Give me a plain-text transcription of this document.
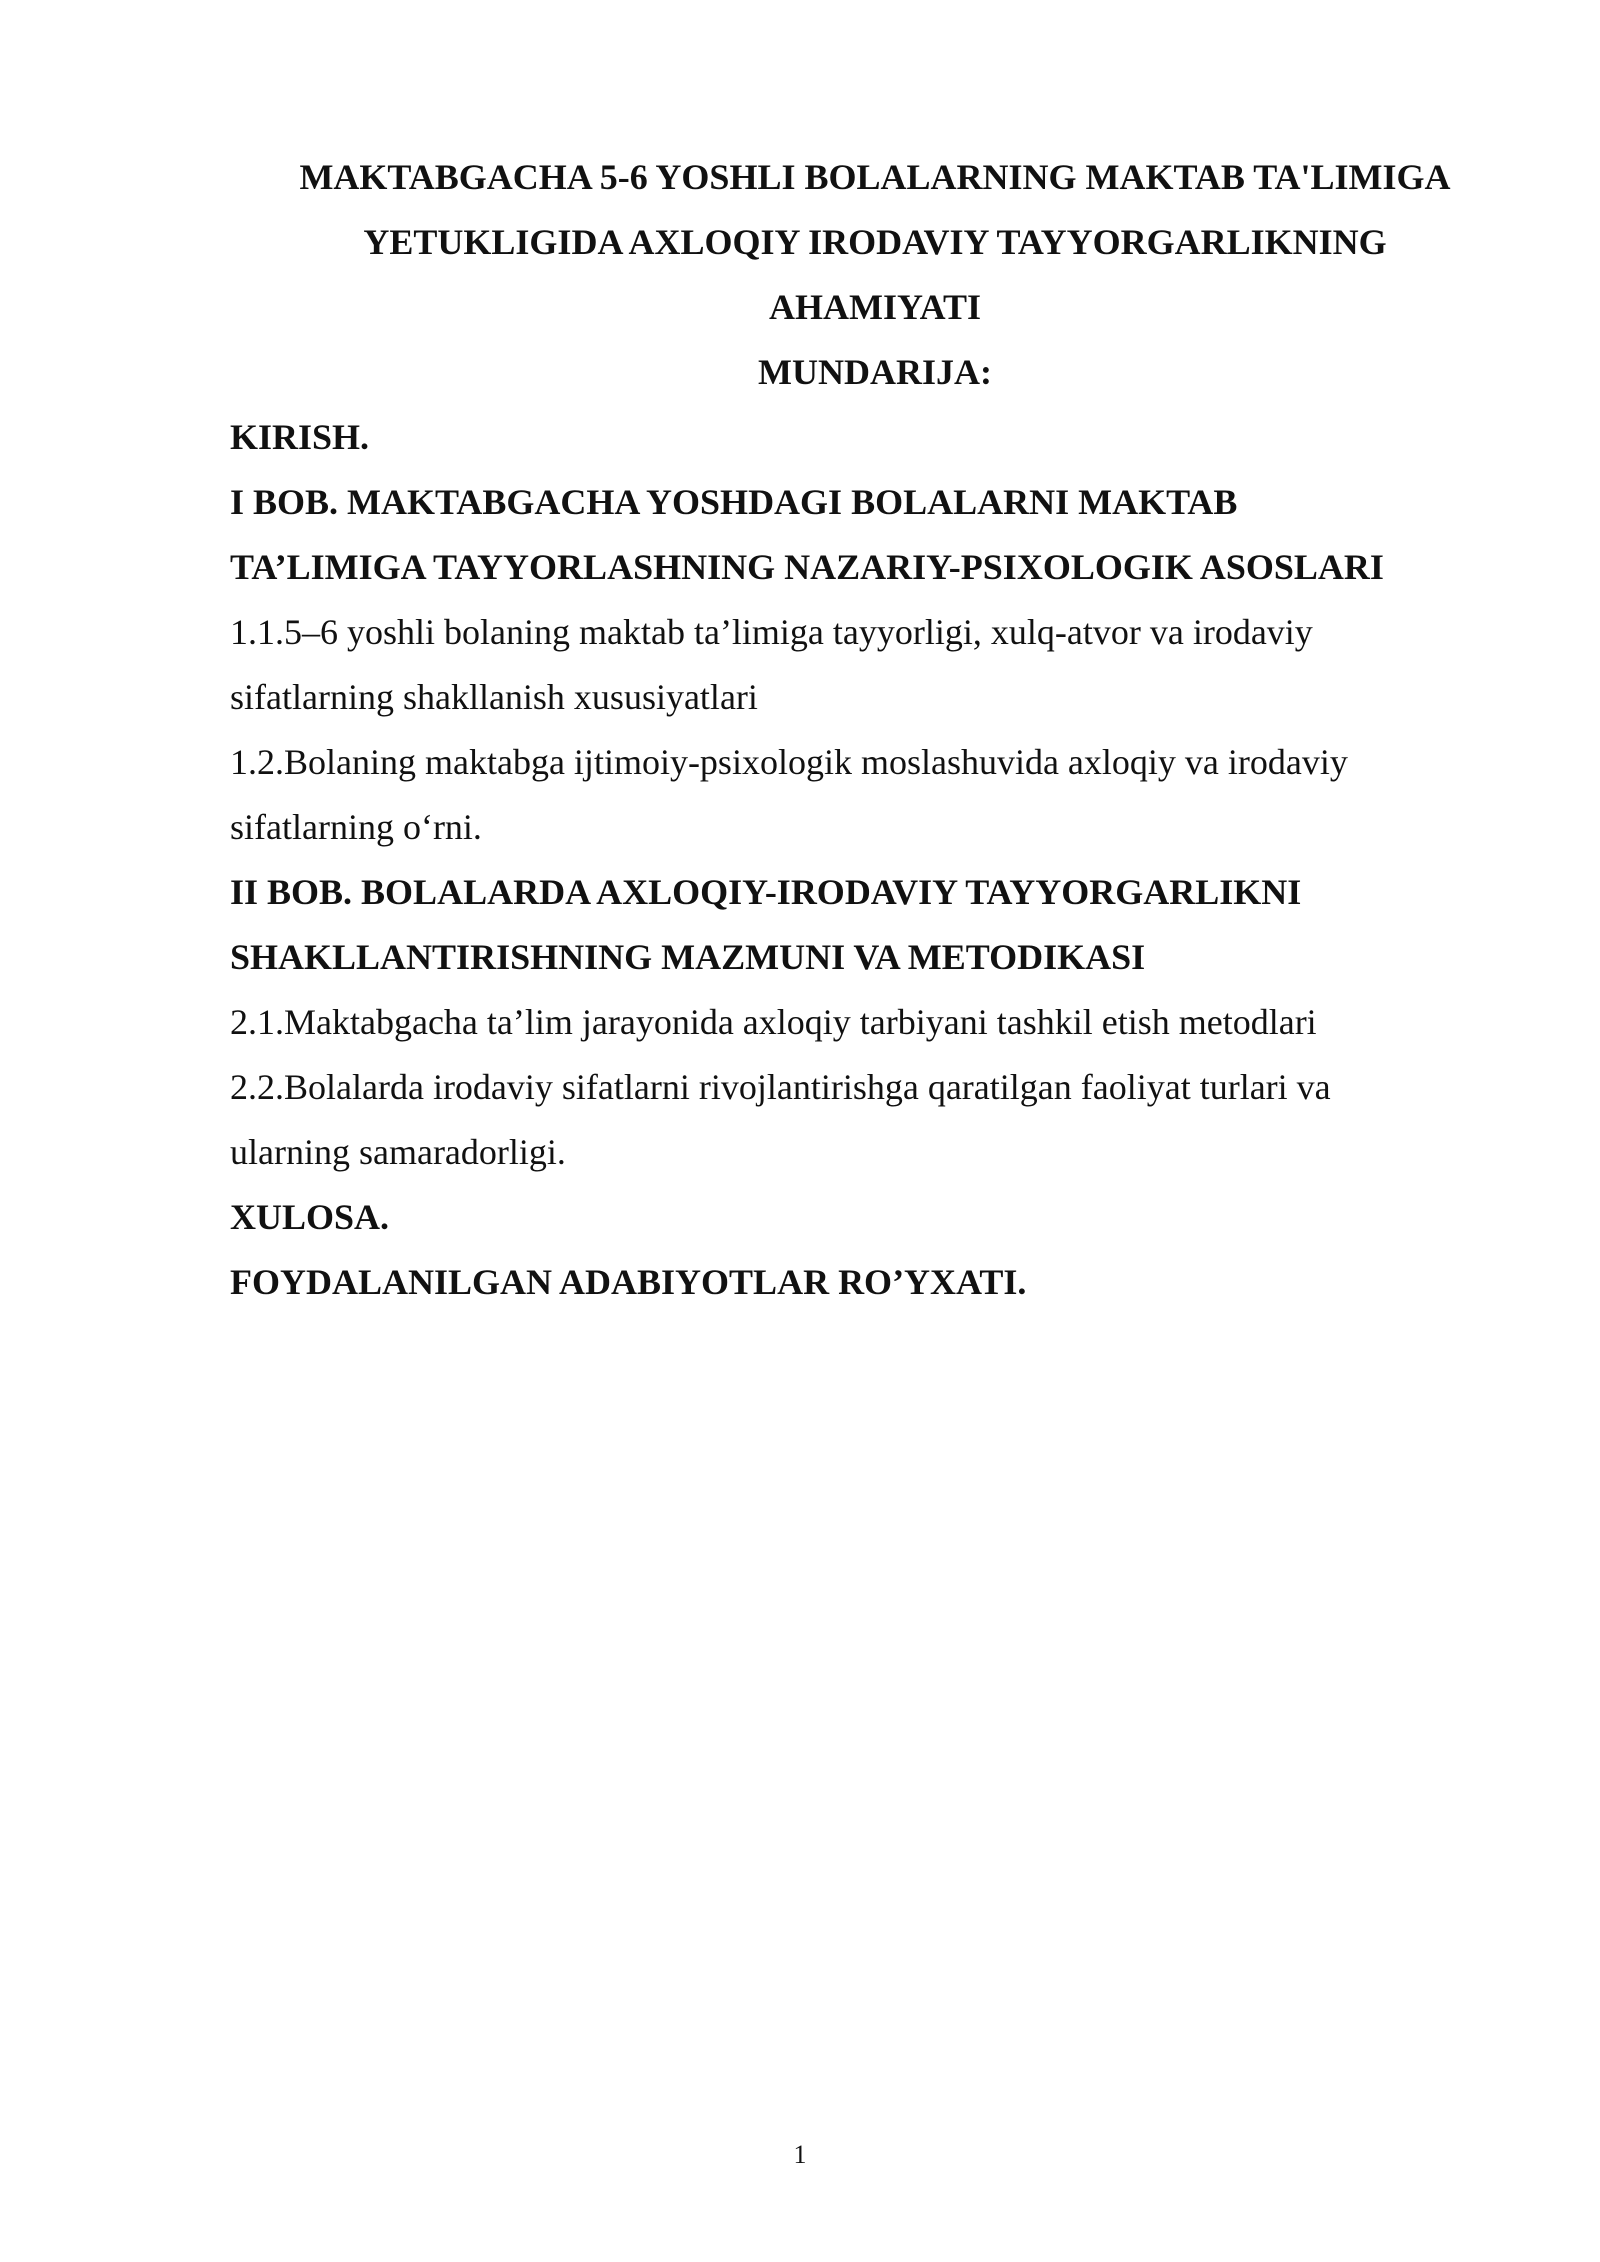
MAKTABGACHA 5-6 YOSHLI BOLALARNING MAKTAB TA'LIMIGA
YETUKLIGIDA AXLOQIY IRODAVIY TAYYORGARLIKNING
AHAMIYATI
MUNDARIJA:
KIRISH.
I BOB. MAKTABGACHA YOSHDAGI BOLALARNI MAKTAB
TA’LIMIGA TAYYORLASHNING NAZARIY-PSIXOLOGIK ASOSLARI
1.1.5–6 yoshli bolaning maktab ta’limiga tayyorligi, xulq-atvor va irodaviy
sifatlarning shakllanish xususiyatlari
1.2.Bolaning maktabga ijtimoiy-psixologik moslashuvida axloqiy va irodaviy
sifatlarning o‘rni.
II BOB. BOLALARDA AXLOQIY-IRODAVIY TAYYORGARLIKNI
SHAKLLANTIRISHNING MAZMUNI VA METODIKASI
2.1.Maktabgacha ta’lim jarayonida axloqiy tarbiyani tashkil etish metodlari
2.2.Bolalarda irodaviy sifatlarni rivojlantirishga qaratilgan faoliyat turlari va
ularning samaradorligi.
XULOSA.
FOYDALANILGAN ADABIYOTLAR RO’YXATI.
1
